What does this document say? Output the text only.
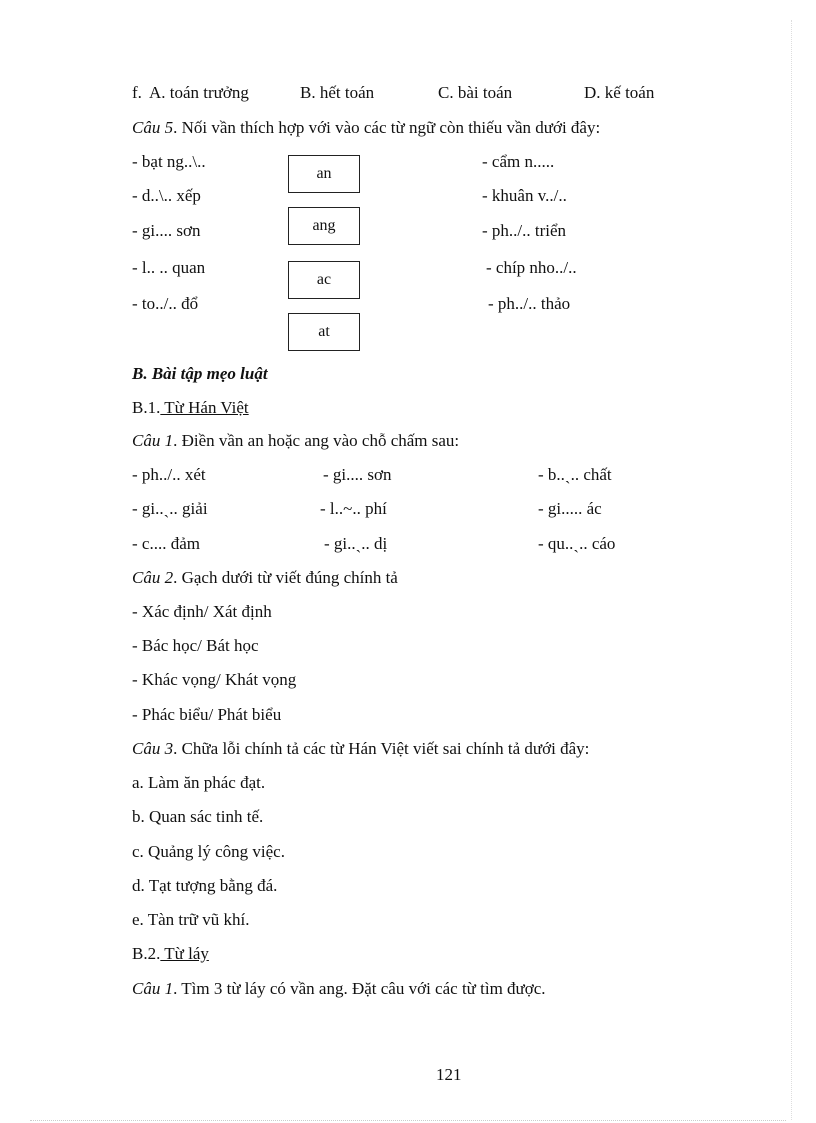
f. A. toán trưởng	B. hết toán	C. bài toán	D. kế toán
Câu 5. Nối vần thích hợp với vào các từ ngữ còn thiếu vần dưới đây:
- bạt ng..\..
- d..\.. xếp
- gi.... sơn
- l.. .. quan
- to../.. đổ
- cẩm n.....
- khuân v../..
- ph../.. triển
- chíp nho../..
- ph../.. thảo
an
ang
ac
at
B. Bài tập mẹo luật
B.1. Từ Hán Việt
Câu 1. Điền vần an hoặc ang vào chỗ chấm sau:
- ph../.. xét	- gi.... sơn	- b..ˎ.. chất
- gi..ˎ.. giải	- l..~.. phí	- gi..... ác
- c.... đảm	- gi..ˎ.. dị	- qu..ˎ.. cáo
Câu 2. Gạch dưới từ viết đúng chính tả
- Xác định/ Xát định
- Bác học/ Bát học
- Khác vọng/ Khát vọng
- Phác biểu/ Phát biểu
Câu 3. Chữa lỗi chính tả các từ Hán Việt viết sai chính tả dưới đây:
a. Làm ăn phác đạt.
b. Quan sác tinh tế.
c. Quảng lý công việc.
d. Tạt tượng bằng đá.
e. Tàn trữ vũ khí.
B.2. Từ láy
Câu 1. Tìm 3 từ láy có vần ang. Đặt câu với các từ tìm được.
121
